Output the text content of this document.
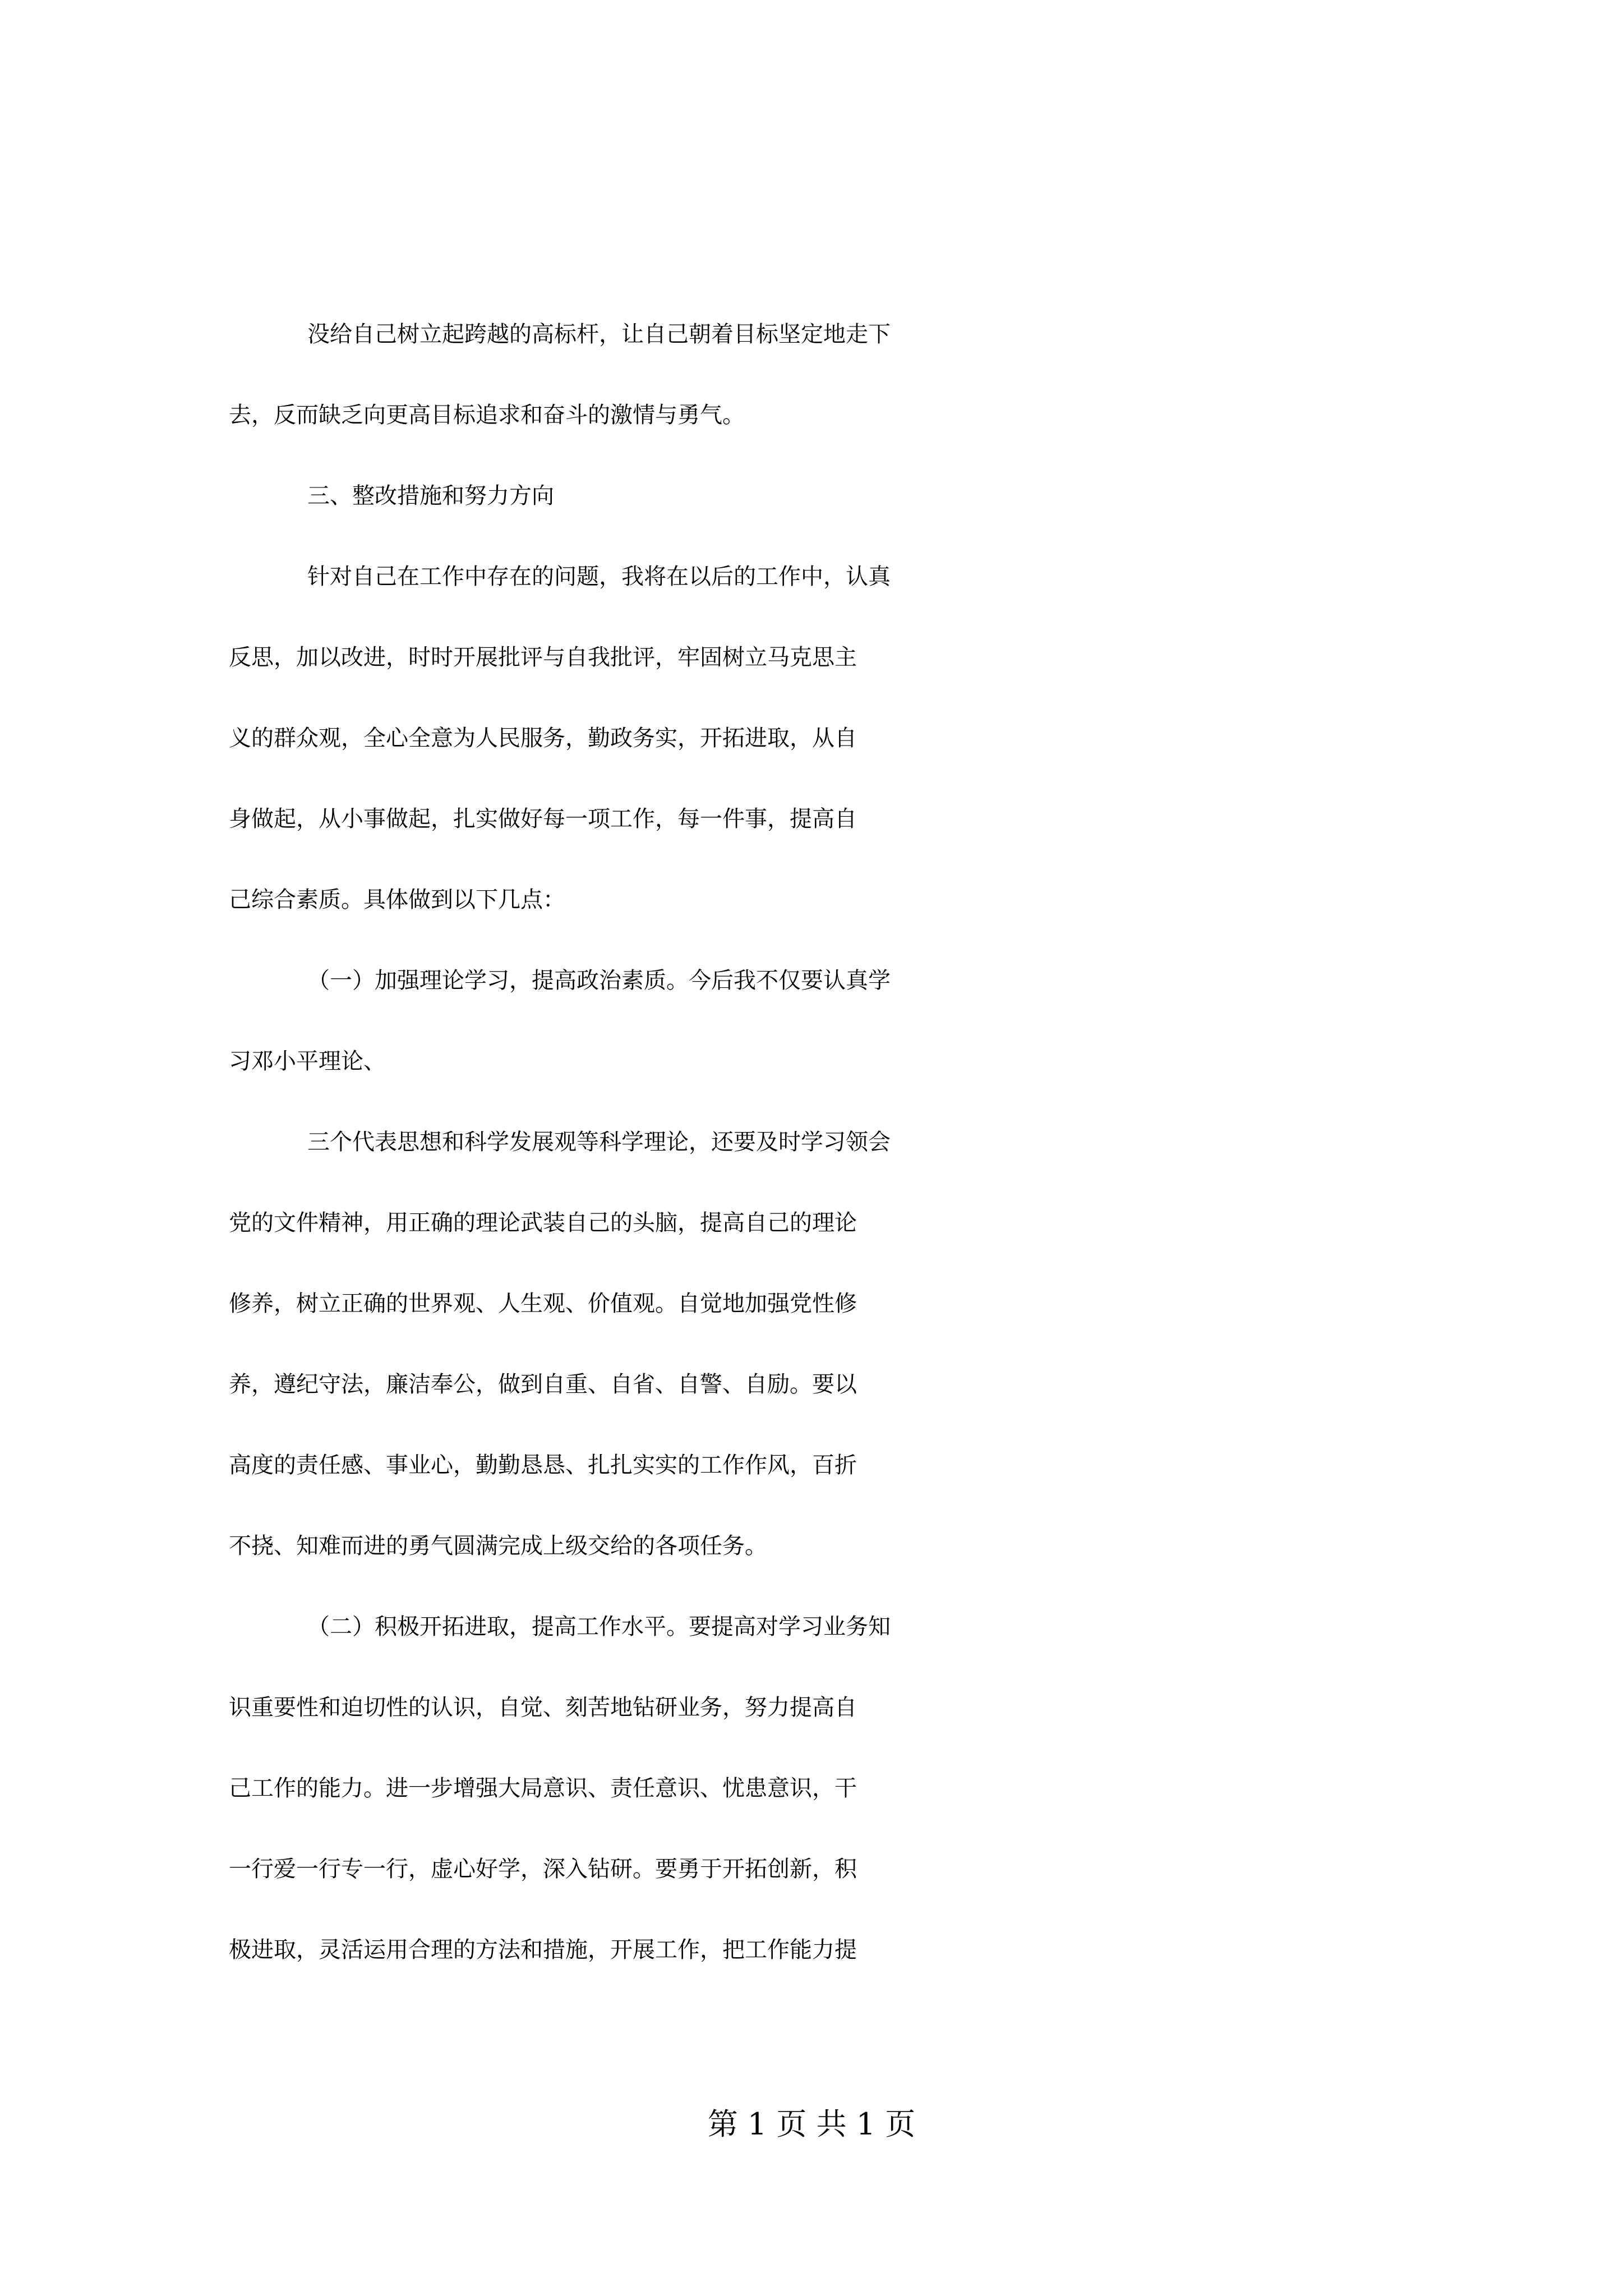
没给自己树立起跨越的高标杆，让自己朝着目标坚定地走下
去，反而缺乏向更高目标追求和奋斗的激情与勇气。
三、整改措施和努力方向
针对自己在工作中存在的问题，我将在以后的工作中，认真
反思，加以改进，时时开展批评与自我批评，牢固树立马克思主
义的群众观，全心全意为人民服务，勤政务实，开拓进取，从自
身做起，从小事做起，扎实做好每一项工作，每一件事，提高自
己综合素质。具体做到以下几点：
（一）加强理论学习，提高政治素质。今后我不仅要认真学
习邓小平理论、
三个代表思想和科学发展观等科学理论，还要及时学习领会
党的文件精神，用正确的理论武装自己的头脑，提高自己的理论
修养，树立正确的世界观、人生观、价值观。自觉地加强党性修
养，遵纪守法，廉洁奉公，做到自重、自省、自警、自励。要以
高度的责任感、事业心，勤勤恳恳、扎扎实实的工作作风，百折
不挠、知难而进的勇气圆满完成上级交给的各项任务。
（二）积极开拓进取，提高工作水平。要提高对学习业务知
识重要性和迫切性的认识，自觉、刻苦地钻研业务，努力提高自
己工作的能力。进一步增强大局意识、责任意识、忧患意识，干
一行爱一行专一行，虚心好学，深入钻研。要勇于开拓创新，积
极进取，灵活运用合理的方法和措施，开展工作，把工作能力提
第 1 页 共 1 页
